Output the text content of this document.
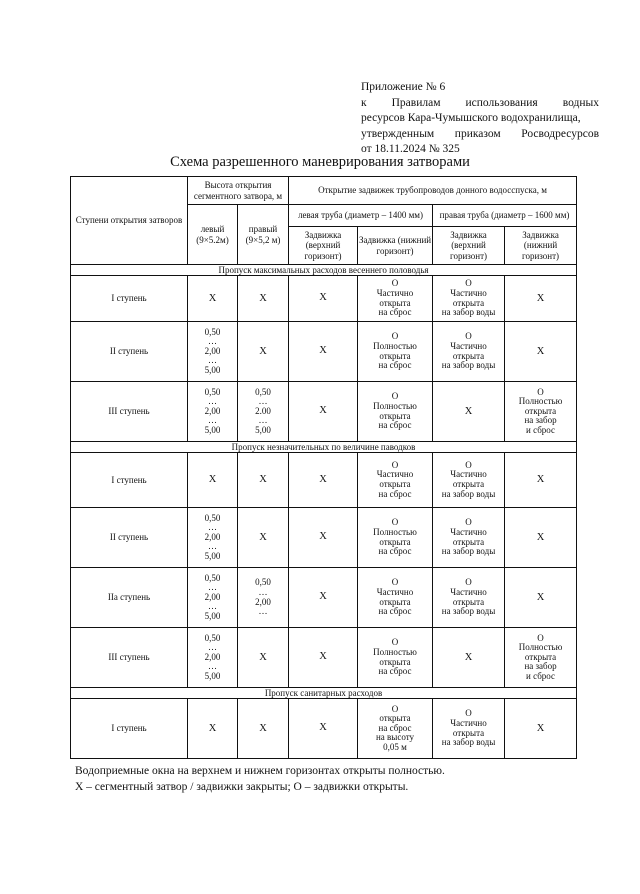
Приложение № 6
к Правилам использования водных
ресурсов Кара-Чумышского водохранилища,
утвержденным приказом Росводресурсов
от 18.11.2024 № 325
Схема разрешенного маневрирования затворами
Ступени открытия затворов	Высота открытия сегментного затвора, м		Открытие задвижек трубопроводов донного водосспуска, м			
	левый (9×5.2м)	правый (9×5,2 м)	левая труба (диаметр – 1400 мм)		правая труба (диаметр – 1600 мм)	
			Задвижка (верхний горизонт)	Задвижка (нижний горизонт)	Задвижка (верхний горизонт)	Задвижка (нижний горизонт)
Пропуск максимальных расходов весеннего половодья						
I ступень	Х	Х	Х	О
Частично
открыта
на сброс	О
Частично
открыта
на забор воды	Х
II ступень	0,50
…
2,00
…
5,00	Х	Х	О
Полностью
открыта
на сброс	О
Частично
открыта
на забор воды	Х
III ступень	0,50
…
2,00
…
5,00	0,50
…
2.00
…
5,00	Х	О
Полностью
открыта
на сброс	Х	О
Полностью
открыта
на забор
и сброс
Пропуск незначительных по величине паводков						
I ступень	Х	Х	Х	О
Частично
открыта
на сброс	О
Частично
открыта
на забор воды	Х
II ступень	0,50
…
2,00
…
5,00	Х	Х	О
Полностью
открыта
на сброс	О
Частично
открыта
на забор воды	Х
IIа ступень	0,50
…
2,00
…
5,00	0,50
…
2,00
…	Х	О
Частично
открыта
на сброс	О
Частично
открыта
на забор воды	Х
III ступень	0,50
…
2,00
…
5,00	Х	Х	О
Полностью
открыта
на сброс	Х	О
Полностью
открыта
на забор
и сброс
Пропуск санитарных расходов						
I ступень	Х	Х	Х	О
открыта
на сброс
на высоту
0,05 м	О
Частично
открыта
на забор воды	Х
Водоприемные окна на верхнем и нижнем горизонтах открыты полностью.
Х – сегментный затвор / задвижки закрыты; О – задвижки открыты.
